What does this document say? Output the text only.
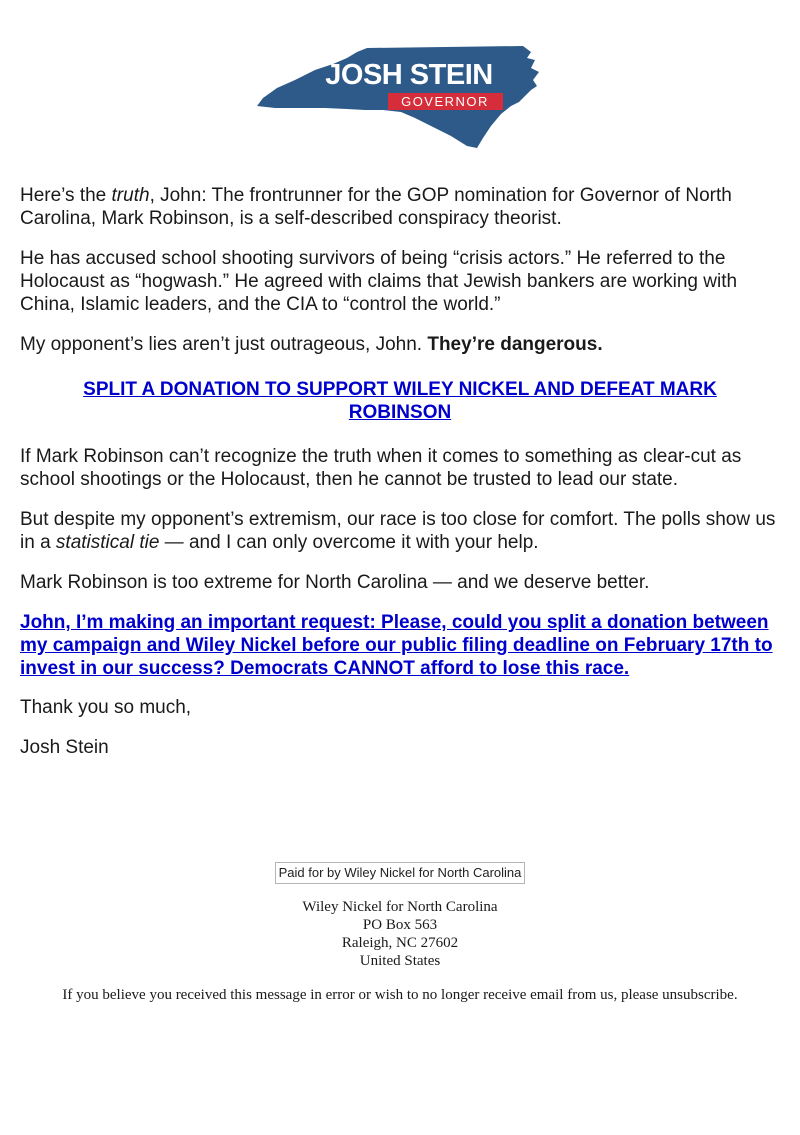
JOSH STEIN
GOVERNOR

Here’s the truth, John: The frontrunner for the GOP nomination for Governor of North Carolina, Mark Robinson, is a self-described conspiracy theorist.

He has accused school shooting survivors of being “crisis actors.” He referred to the Holocaust as “hogwash.” He agreed with claims that Jewish bankers are working with China, Islamic leaders, and the CIA to “control the world.”

My opponent’s lies aren’t just outrageous, John. They’re dangerous.

SPLIT A DONATION TO SUPPORT WILEY NICKEL AND DEFEAT MARK ROBINSON

If Mark Robinson can’t recognize the truth when it comes to something as clear-cut as school shootings or the Holocaust, then he cannot be trusted to lead our state.

But despite my opponent’s extremism, our race is too close for comfort. The polls show us in a statistical tie — and I can only overcome it with your help.

Mark Robinson is too extreme for North Carolina — and we deserve better.

John, I’m making an important request: Please, could you split a donation between my campaign and Wiley Nickel before our public filing deadline on February 17th to invest in our success? Democrats CANNOT afford to lose this race.

Thank you so much,

Josh Stein

Paid for by Wiley Nickel for North Carolina
Wiley Nickel for North Carolina
PO Box 563
Raleigh, NC 27602
United States
If you believe you received this message in error or wish to no longer receive email from us, please unsubscribe.
